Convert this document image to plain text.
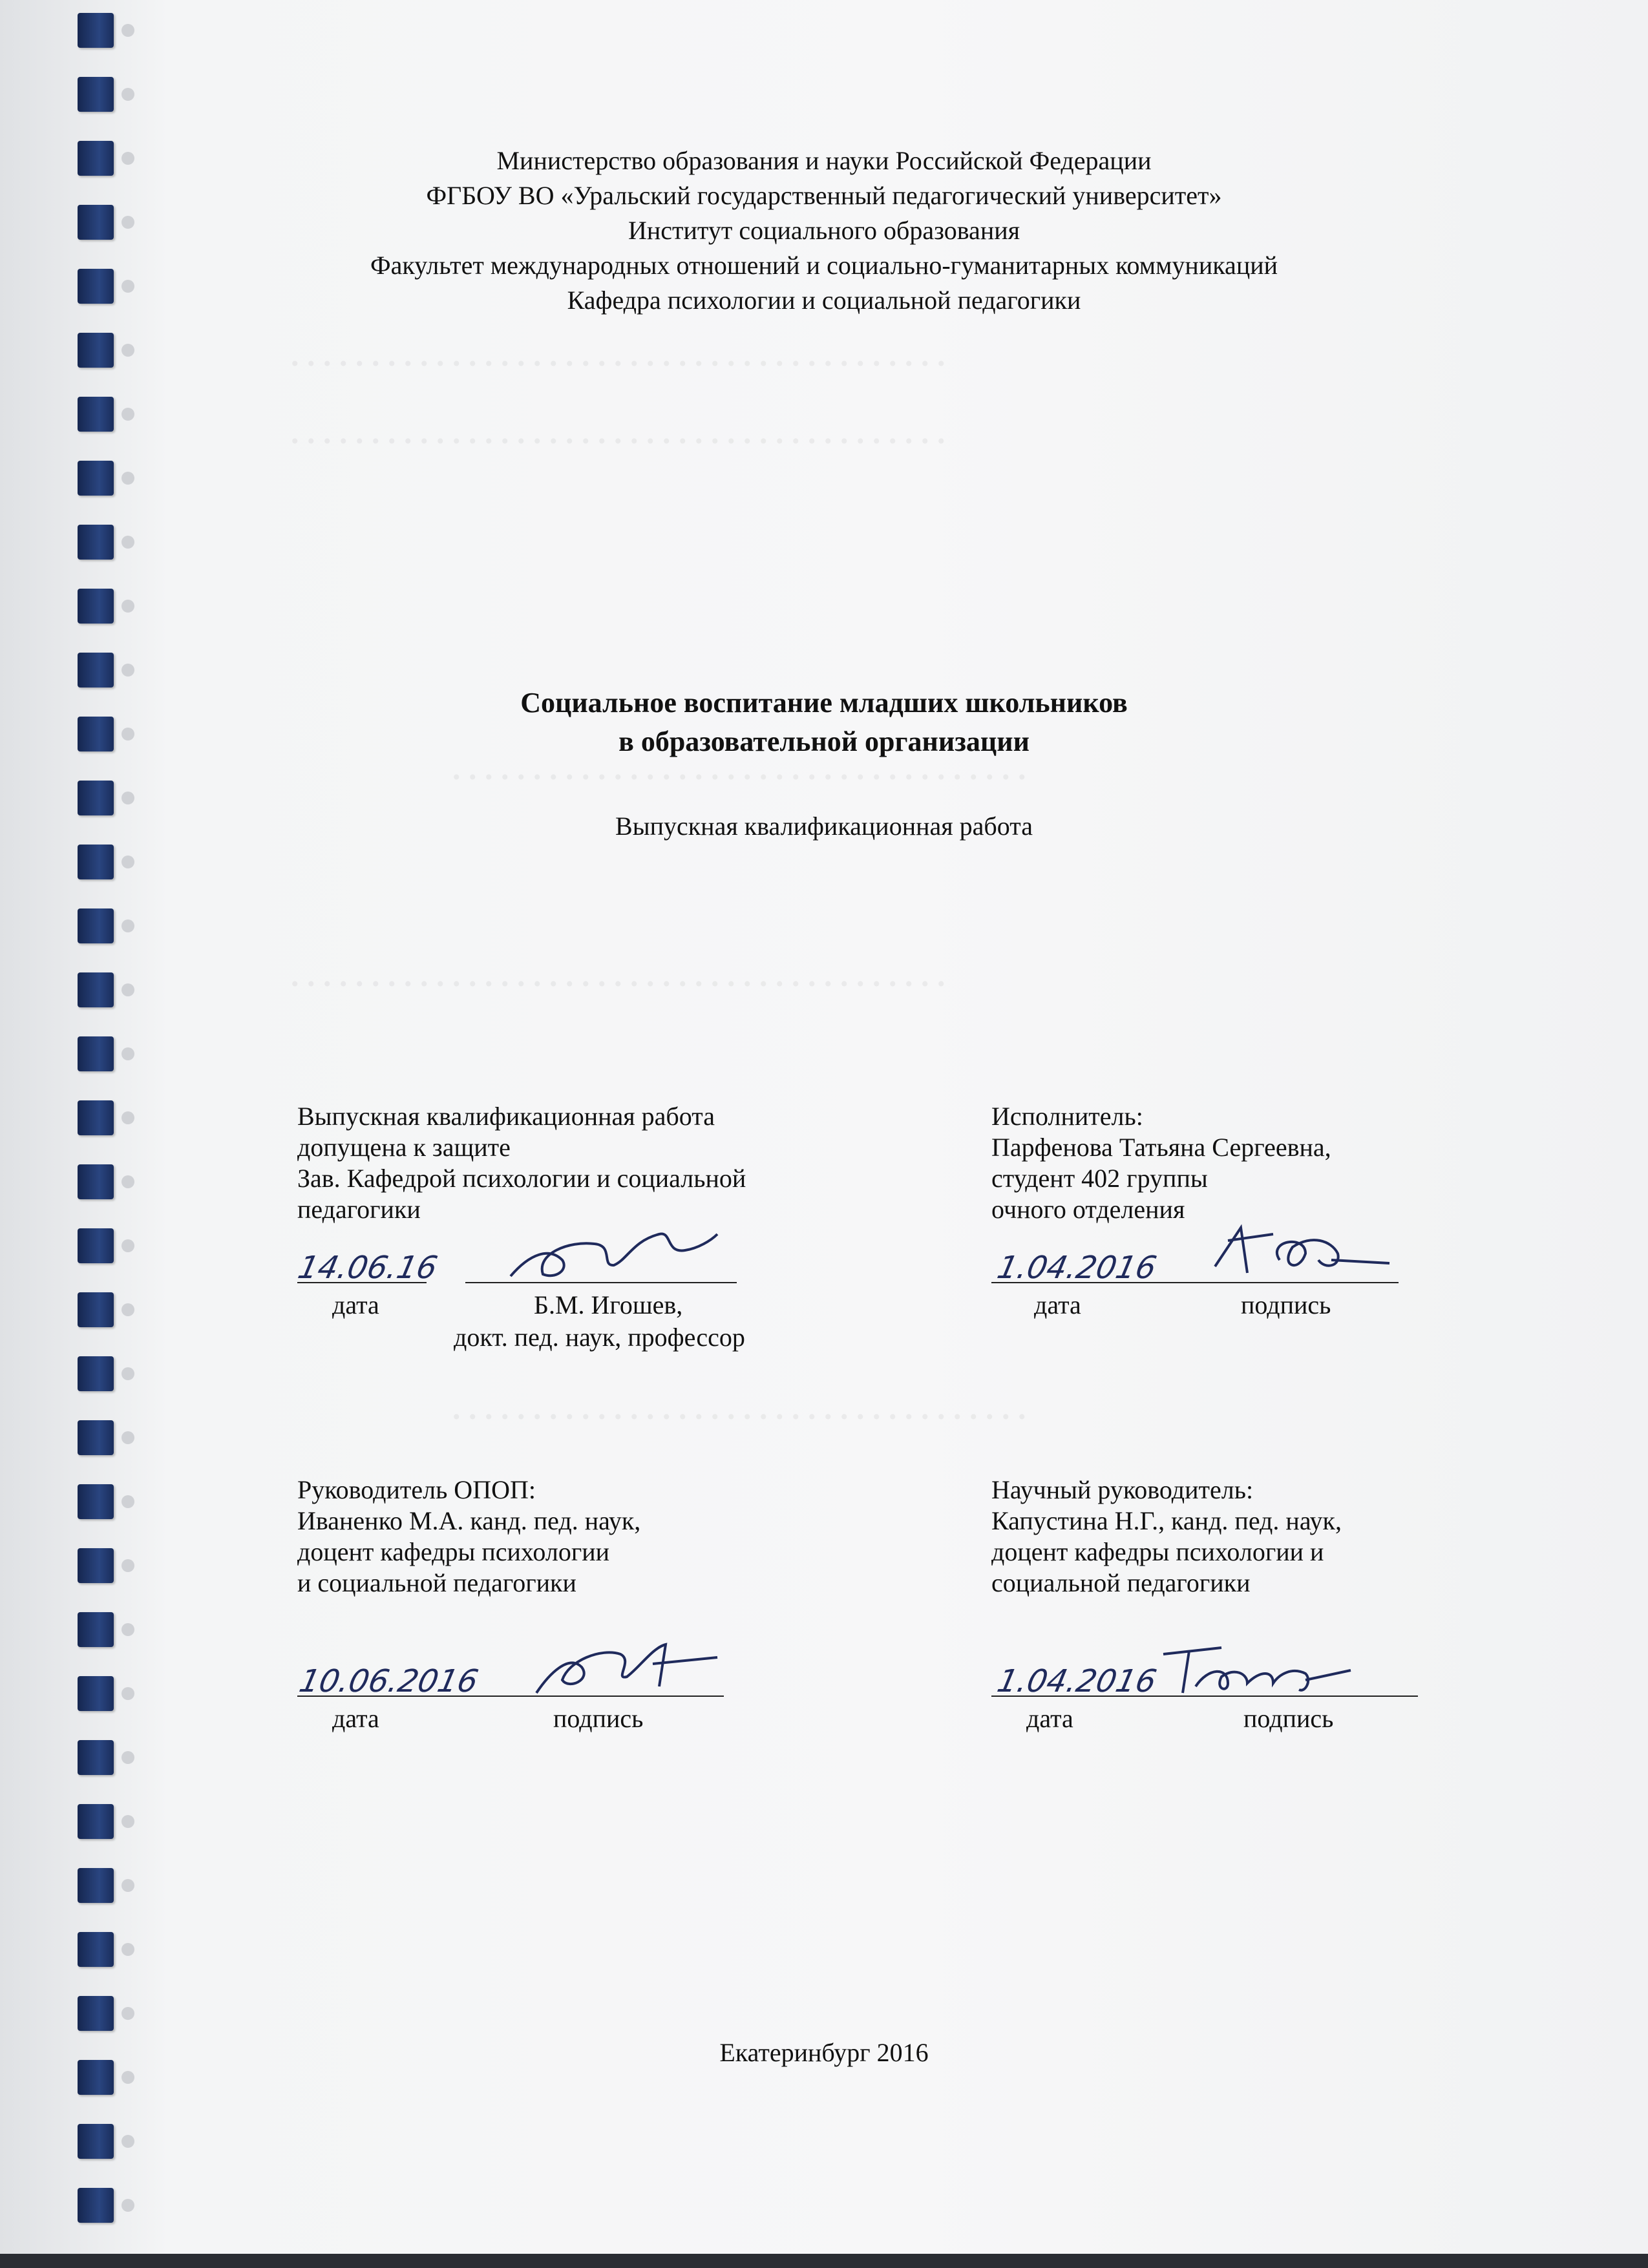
. . . . . . . . . . . . . . . . . . . . . . . . . . . . . . . . . . . . . . . . .
. . . . . . . . . . . . . . . . . . . . . . . . . . . . . . . . . . . . . . . . .
. . . . . . . . . . . . . . . . . . . . . . . . . . . . . . . . . . . .
. . . . . . . . . . . . . . . . . . . . . . . . . . . . . . . . . . . . . . . . .
. . . . . . . . . . . . . . . . . . . . . . . . . . . . . . . . . . . .
Министерство образования и науки Российской Федерации
ФГБОУ ВО «Уральский государственный педагогический университет»
Институт социального образования
Факультет международных отношений и социально-гуманитарных коммуникаций
Кафедра психологии и социальной педагогики
Социальное воспитание младших школьников
в образовательной организации
Выпускная квалификационная работа
Выпускная квалификационная работа
допущена к защите
Зав. Кафедрой психологии и социальной
педагогики
14.06.16
дата	Б.М. Игошев,
докт. пед. наук, профессор
Исполнитель:
Парфенова Татьяна Сергеевна,
студент 402 группы
очного отделения
1.04.2016
дата	подпись
Руководитель ОПОП:
Иваненко М.А. канд. пед. наук,
доцент кафедры психологии
и социальной педагогики
10.06.2016
дата	подпись
Научный руководитель:
Капустина Н.Г., канд. пед. наук,
доцент кафедры психологии и
социальной педагогики
1.04.2016
дата	подпись
Екатеринбург 2016
